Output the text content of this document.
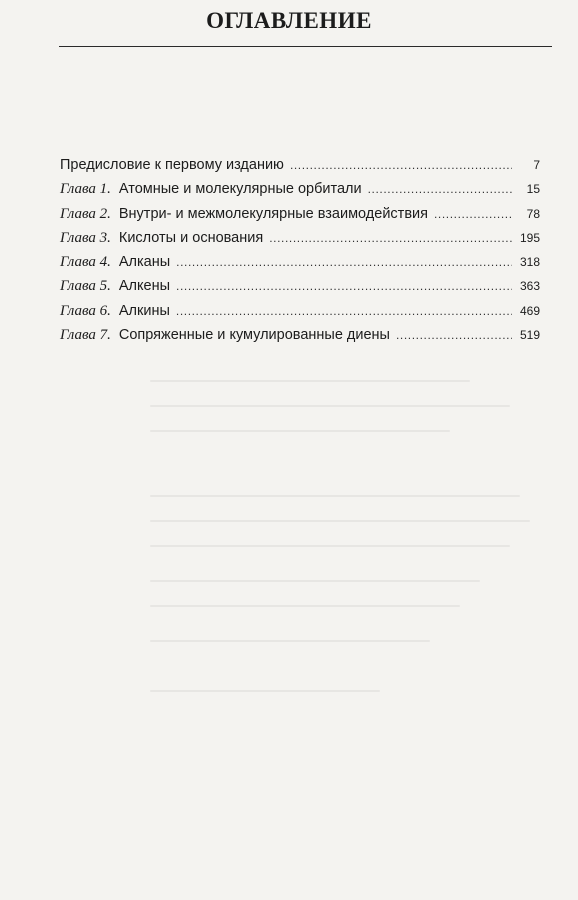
ОГЛАВЛЕНИЕ
Предисловие к первому изданию .....	7
Глава 1. Атомные и молекулярные орбитали .....	15
Глава 2. Внутри- и межмолекулярные взаимодействия .....	78
Глава 3. Кислоты и основания .....	195
Глава 4. Алканы .....	318
Глава 5. Алкены .....	363
Глава 6. Алкины .....	469
Глава 7. Сопряженные и кумулированные диены .....	519
